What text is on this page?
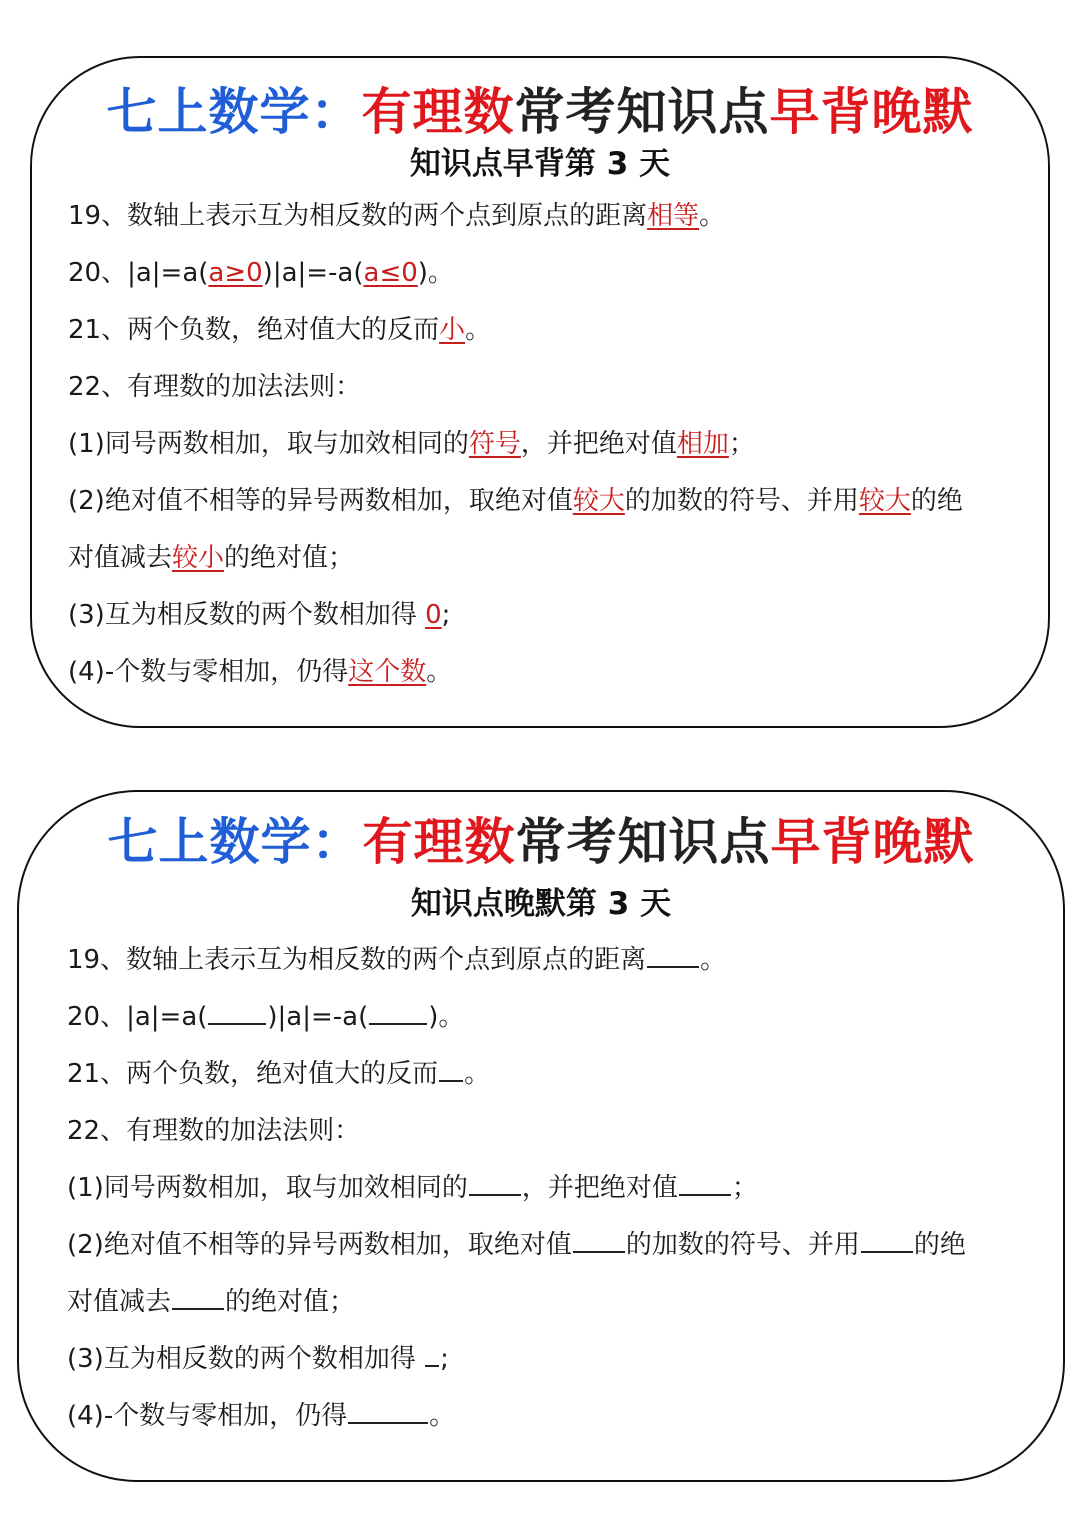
七上数学：有理数常考知识点早背晚默
知识点早背第 3 天
19、数轴上表示互为相反数的两个点到原点的距离相等。
20、|a|=a(a≥0)|a|=-a(a≤0)。
21、两个负数，绝对值大的反而小。
22、有理数的加法法则：
(1)同号两数相加，取与加效相同的符号，并把绝对值相加；
(2)绝对值不相等的异号两数相加，取绝对值较大的加数的符号、并用较大的绝
对值减去较小的绝对值；
(3)互为相反数的两个数相加得 0;
(4)-个数与零相加，仍得这个数。
七上数学：有理数常考知识点早背晚默
知识点晚默第 3 天
19、数轴上表示互为相反数的两个点到原点的距离 。
20、|a|=a( )|a|=-a( )。
21、两个负数，绝对值大的反而 。
22、有理数的加法法则：
(1)同号两数相加，取与加效相同的 ，并把绝对值 ；
(2)绝对值不相等的异号两数相加，取绝对值 的加数的符号、并用 的绝
对值减去 的绝对值；
(3)互为相反数的两个数相加得 ;
(4)-个数与零相加，仍得	。
